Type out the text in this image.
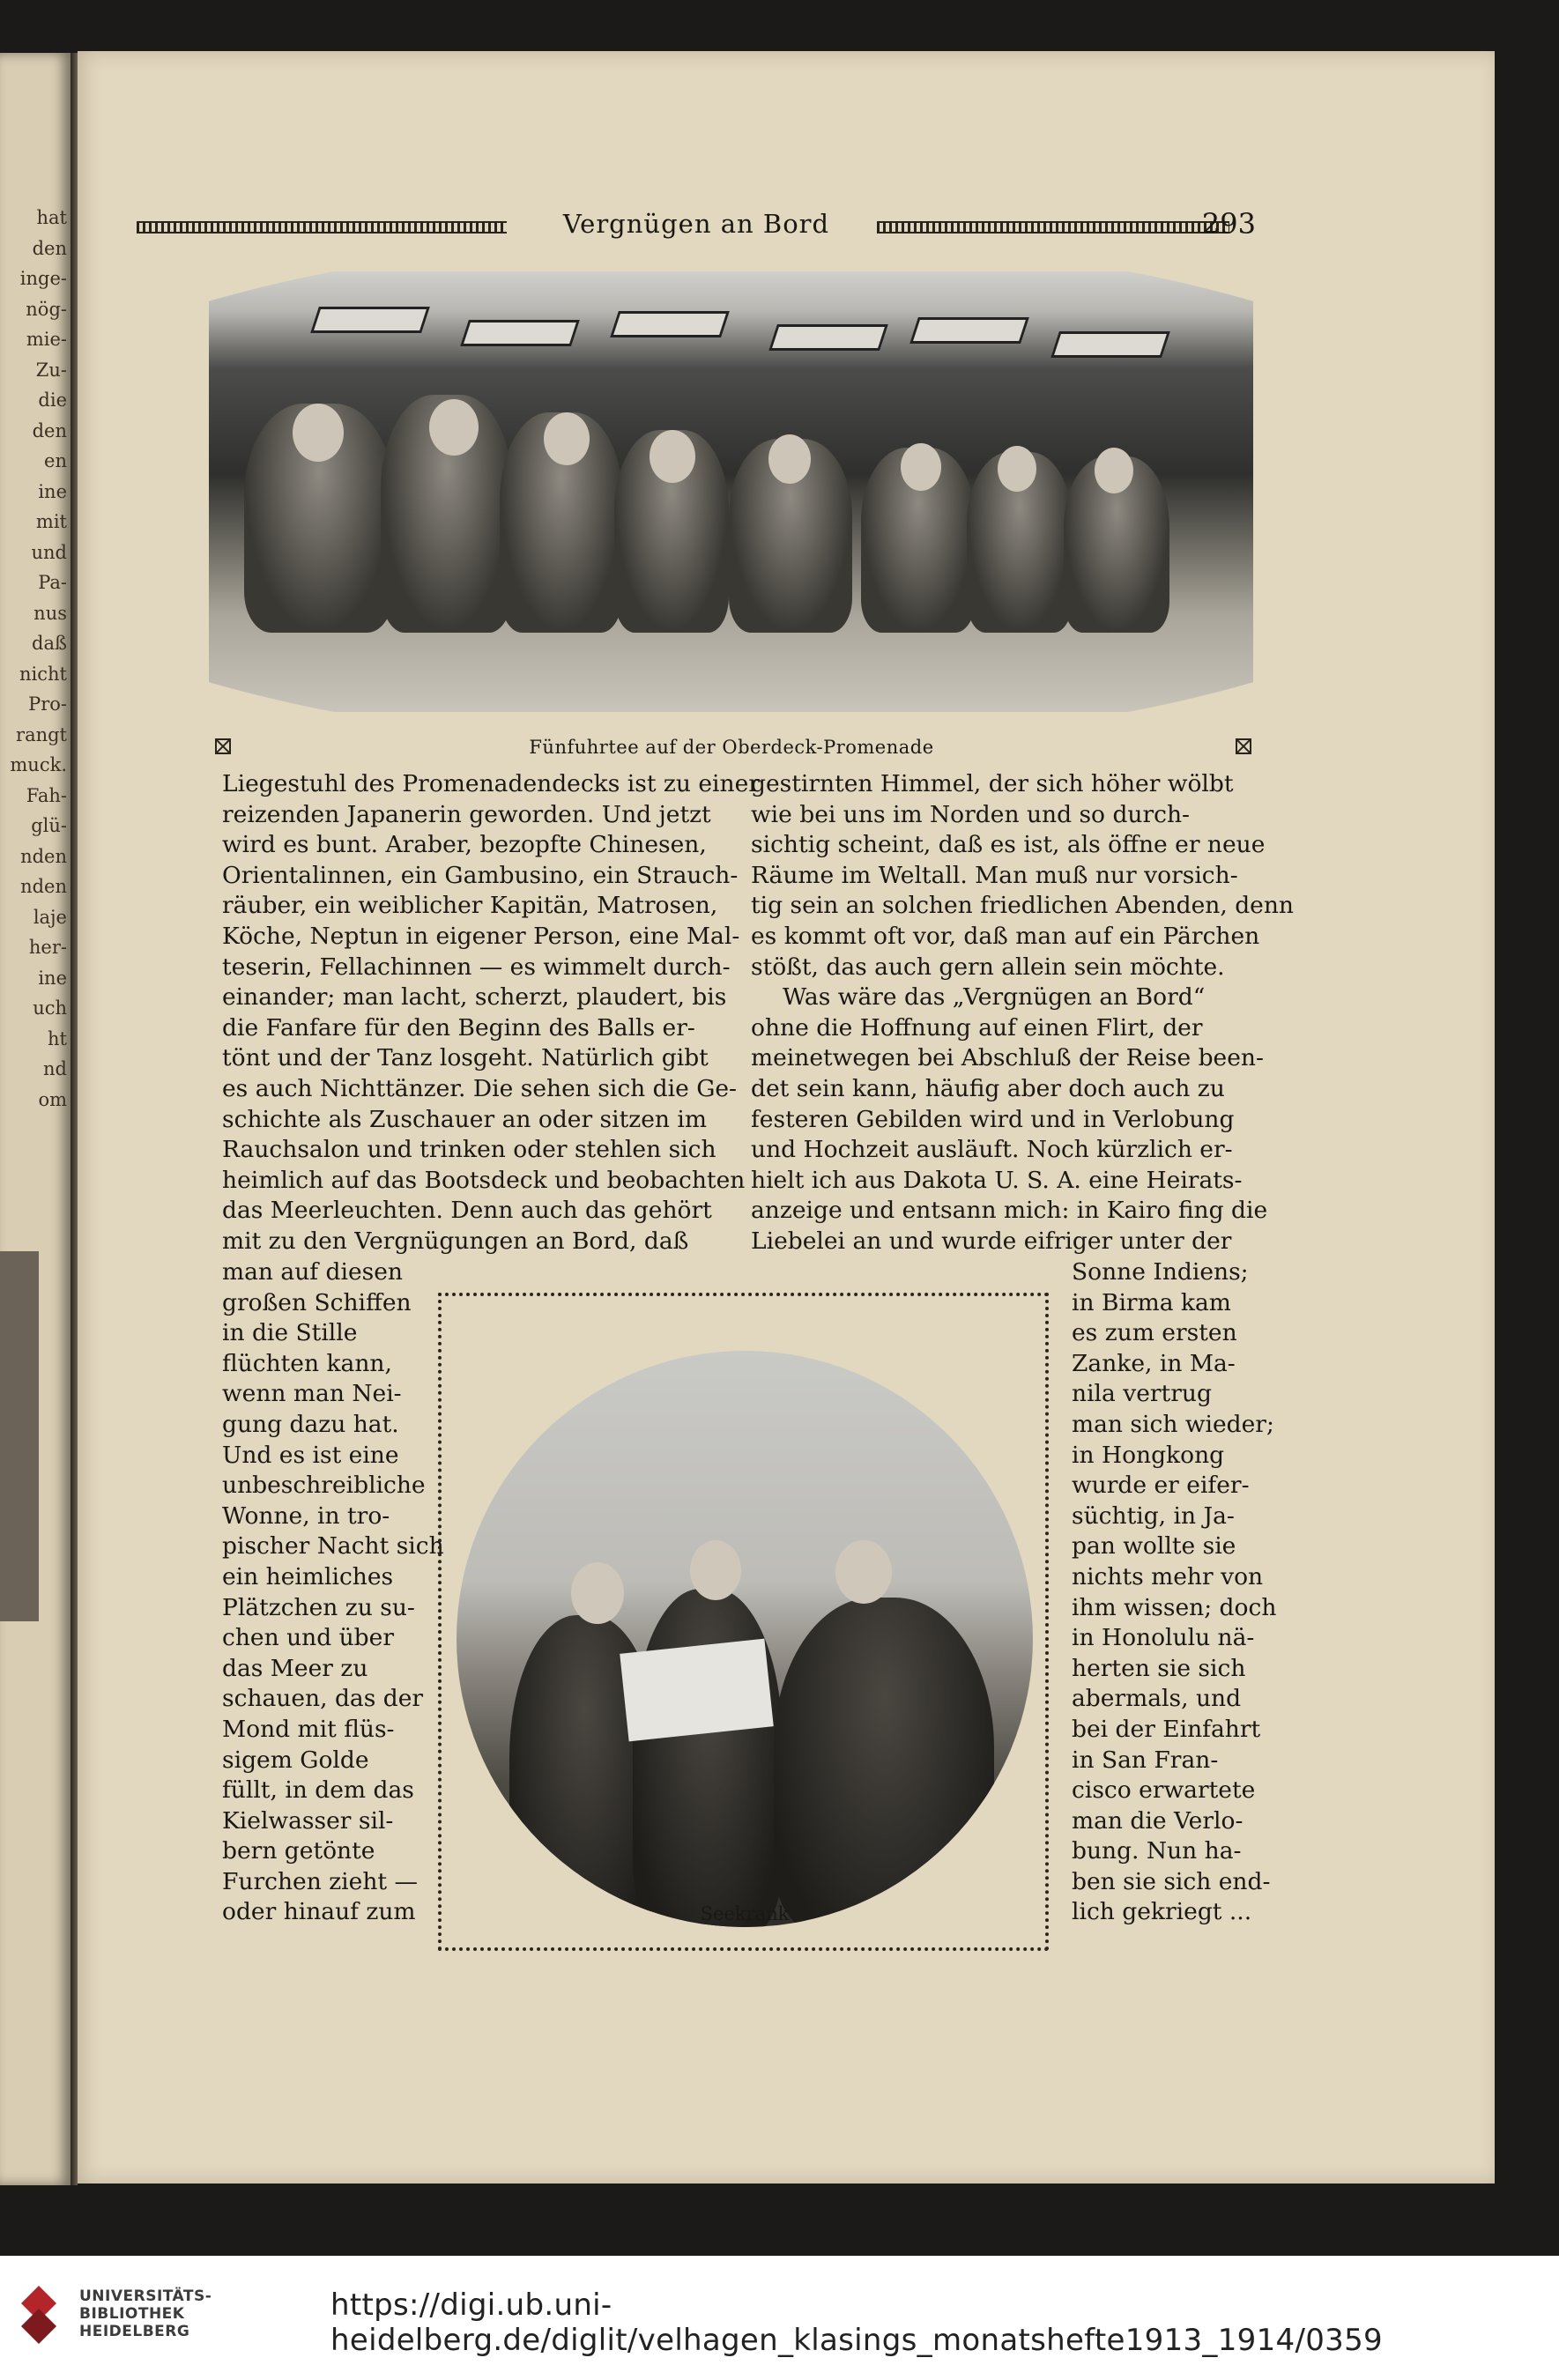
hat
den
inge-
nög-
mie-
Zu-
die
den
en
ine
mit
und
Pa-
nus
daß
nicht
Pro-
rangt
muck.
Fah-
glü-
nden
nden
laje
her-
ine
uch
ht
nd
om
Vergnügen an Bord	293
Fünfuhrtee auf der Oberdeck-Promenade
Liegestuhl des Promenadendecks ist zu einer
reizenden Japanerin geworden. Und jetzt
wird es bunt. Araber, bezopfte Chinesen,
Orientalinnen, ein Gambusino, ein Strauch-
räuber, ein weiblicher Kapitän, Matrosen,
Köche, Neptun in eigener Person, eine Mal-
teserin, Fellachinnen — es wimmelt durch-
einander; man lacht, scherzt, plaudert, bis
die Fanfare für den Beginn des Balls er-
tönt und der Tanz losgeht. Natürlich gibt
es auch Nichttänzer. Die sehen sich die Ge-
schichte als Zuschauer an oder sitzen im
Rauchsalon und trinken oder stehlen sich
heimlich auf das Bootsdeck und beobachten
das Meerleuchten. Denn auch das gehört
mit zu den Vergnügungen an Bord, daß
man auf diesen
großen Schiffen
in die Stille
flüchten kann,
wenn man Nei-
gung dazu hat.
Und es ist eine
unbeschreibliche
Wonne, in tro-
pischer Nacht sich
ein heimliches
Plätzchen zu su-
chen und über
das Meer zu
schauen, das der
Mond mit flüs-
sigem Golde
füllt, in dem das
Kielwasser sil-
bern getönte
Furchen zieht —
oder hinauf zum
gestirnten Himmel, der sich höher wölbt
wie bei uns im Norden und so durch-
sichtig scheint, daß es ist, als öffne er neue
Räume im Weltall. Man muß nur vorsich-
tig sein an solchen friedlichen Abenden, denn
es kommt oft vor, daß man auf ein Pärchen
stößt, das auch gern allein sein möchte.
Was wäre das „Vergnügen an Bord“
ohne die Hoffnung auf einen Flirt, der
meinetwegen bei Abschluß der Reise been-
det sein kann, häufig aber doch auch zu
festeren Gebilden wird und in Verlobung
und Hochzeit ausläuft. Noch kürzlich er-
hielt ich aus Dakota U. S. A. eine Heirats-
anzeige und entsann mich: in Kairo fing die
Liebelei an und wurde eifriger unter der
Sonne Indiens;
in Birma kam
es zum ersten
Zanke, in Ma-
nila vertrug
man sich wieder;
in Hongkong
wurde er eifer-
süchtig, in Ja-
pan wollte sie
nichts mehr von
ihm wissen; doch
in Honolulu nä-
herten sie sich
abermals, und
bei der Einfahrt
in San Fran-
cisco erwartete
man die Verlo-
bung. Nun ha-
ben sie sich end-
lich gekriegt ...
Seekrank
UNIVERSITÄTS-
BIBLIOTHEK
HEIDELBERG
https://digi.ub.uni-heidelberg.de/diglit/velhagen_klasings_monatshefte1913_1914/0359
